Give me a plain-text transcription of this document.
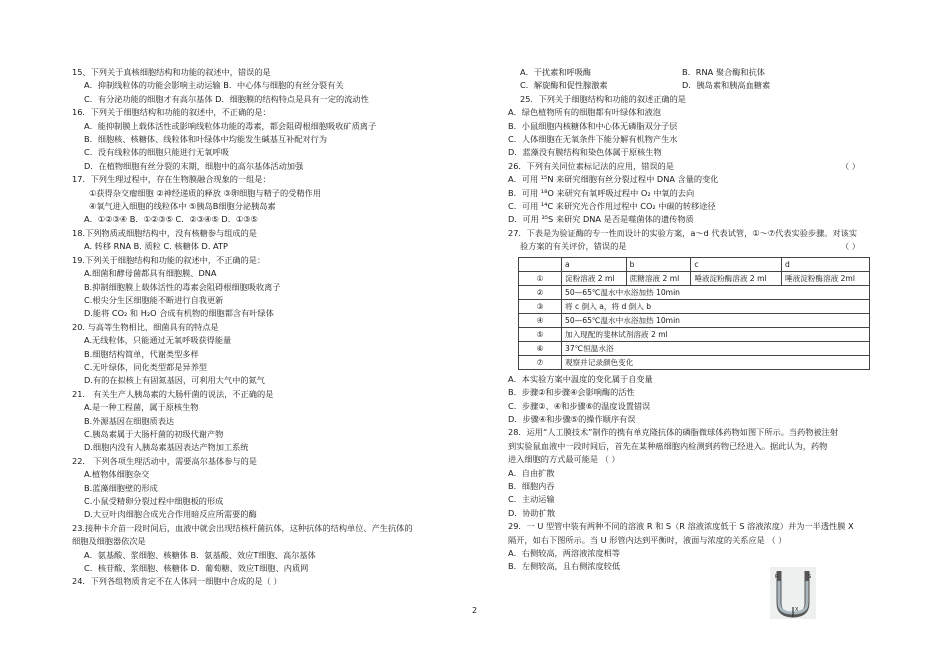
15、下列关于真核细胞结构和功能的叙述中，错误的是
A．抑制线粒体的功能会影响主动运输 B．中心体与细胞的有丝分裂有关
C．有分泌功能的细胞才有高尔基体 D．细胞膜的结构特点是具有一定的流动性
16．下列关于细胞结构和功能的叙述中，不正确的是：
A．能抑制膜上载体活性或影响线粒体功能的毒素，都会阻碍根细胞吸收矿质离子
B．细胞核、核糖体、线粒体和叶绿体中均能发生碱基互补配对行为
C．没有线粒体的细胞只能进行无氧呼吸
D．在植物细胞有丝分裂的末期，细胞中的高尔基体活动加强
17．下列生理过程中，存在生物膜融合现象的一组是：
①获得杂交瘤细胞 ②神经递质的释放 ③卵细胞与精子的受精作用
④氧气进入细胞的线粒体中 ⑤胰岛B细胞分泌胰岛素
A．①②③④ B．①②③⑤ C．②③④⑤ D．①③⑤
18.下列物质或细胞结构中，没有核糖参与组成的是
A. 转移 RNA B. 质粒 C. 核糖体 D. ATP
19.下列关于细胞结构和功能的叙述中，不正确的是：
A.细菌和酵母菌都具有细胞膜、DNA
B.抑制细胞膜上载体活性的毒素会阻碍根细胞吸收离子
C.根尖分生区细胞能不断进行自我更新
D.能将 CO₂ 和 H₂O 合成有机物的细胞都含有叶绿体
20. 与高等生物相比，细菌具有的特点是
A.无线粒体，只能通过无氧呼吸获得能量
B.细胞结构简单，代谢类型多样
C.无叶绿体，同化类型都是异养型
D.有的在拟核上有固氮基因，可利用大气中的氮气
21． 有关生产人胰岛素的大肠杆菌的说法，不正确的是
A.是一种工程菌，属于原核生物
B.外源基因在细胞质表达
C.胰岛素属于大肠杆菌的初级代谢产物
D.细胞内没有人胰岛素基因表达产物加工系统
22． 下列各项生理活动中，需要高尔基体参与的是
A.植物体细胞杂交
B.蓝藻细胞壁的形成
C.小鼠受精卵分裂过程中细胞板的形成
D.大豆叶肉细胞合成光合作用暗反应所需要的酶
23.接种卡介苗一段时间后，血液中就会出现结核杆菌抗体，这种抗体的结构单位、产生抗体的
细胞及细胞器依次是
A．氨基酸、浆细胞、核糖体 B．氨基酸、效应T细胞、高尔基体
C．核苷酸、浆细胞、核糖体 D．葡萄糖、效应T细胞、内质网
24．下列各组物质肯定不在人体同一细胞中合成的是（ ）
A．干扰素和呼吸酶	B．RNA 聚合酶和抗体
C．解旋酶和促性腺激素	D．胰岛素和胰高血糖素
25．下列关于细胞结构和功能的叙述正确的是
A．绿色植物所有的细胞都有叶绿体和液泡
B．小鼠细胞内核糖体和中心体无磷脂双分子层
C．人体细胞在无氧条件下能分解有机物产生水
D．蓝藻没有膜结构和染色体属于原核生物
26．下列有关同位素标记法的应用，错误的是	（ ）
A．可用 ¹⁵N 来研究细胞有丝分裂过程中 DNA 含量的变化
B．可用 ¹⁸O 来研究有氧呼吸过程中 O₂ 中氧的去向
C．可用 ¹⁴C 来研究光合作用过程中 CO₂ 中碳的转移途径
D．可用 ³⁵S 来研究 DNA 是否是噬菌体的遗传物质
27．下表是为验证酶的专一性而设计的实验方案，a～d 代表试管，①～⑦代表实验步骤。对该实
验方案的有关评价，错误的是	（ ）
	a	b	c	d
①	淀粉溶液 2 ml	蔗糖溶液 2 ml	唾液淀粉酶溶液 2 ml	唾液淀粉酶溶液 2ml
②	50—65℃温水中水浴加热 10min			
③	将 c 倒入 a，将 d 倒入 b			
④	50—65℃温水中水浴加热 10min			
⑤	加入现配的斐林试剂溶液 2 ml			
⑥	37℃恒温水浴			
⑦	观察并记录颜色变化			
A．本实验方案中温度的变化属于自变量
B．步骤②和步骤④会影响酶的活性
C．步骤②、④和步骤⑥的温度设置错误
D．步骤④和步骤⑤的操作顺序有误
28．运用“人工膜技术”制作的携有单克隆抗体的磷脂微球体药物如图下所示。当药物被注射
到实验鼠血液中一段时间后，首先在某种癌细胞内检测到药物已经进入。据此认为，药物
进入细胞的方式最可能是 （ ）
A．自由扩散
B．细胞内吞
C．主动运输
D．协助扩散
29．一 U 型管中装有两种不同的溶液 R 和 S（R 溶液浓度低于 S 溶液浓度）并为一半透性膜 X
隔开，如右下图所示。当 U 形管内达到平衡时，液面与浓度的关系应是 （ ）
A．右侧较高，两溶液浓度相等
B．左侧较高，且右侧浓度较低
R	S
X
2
